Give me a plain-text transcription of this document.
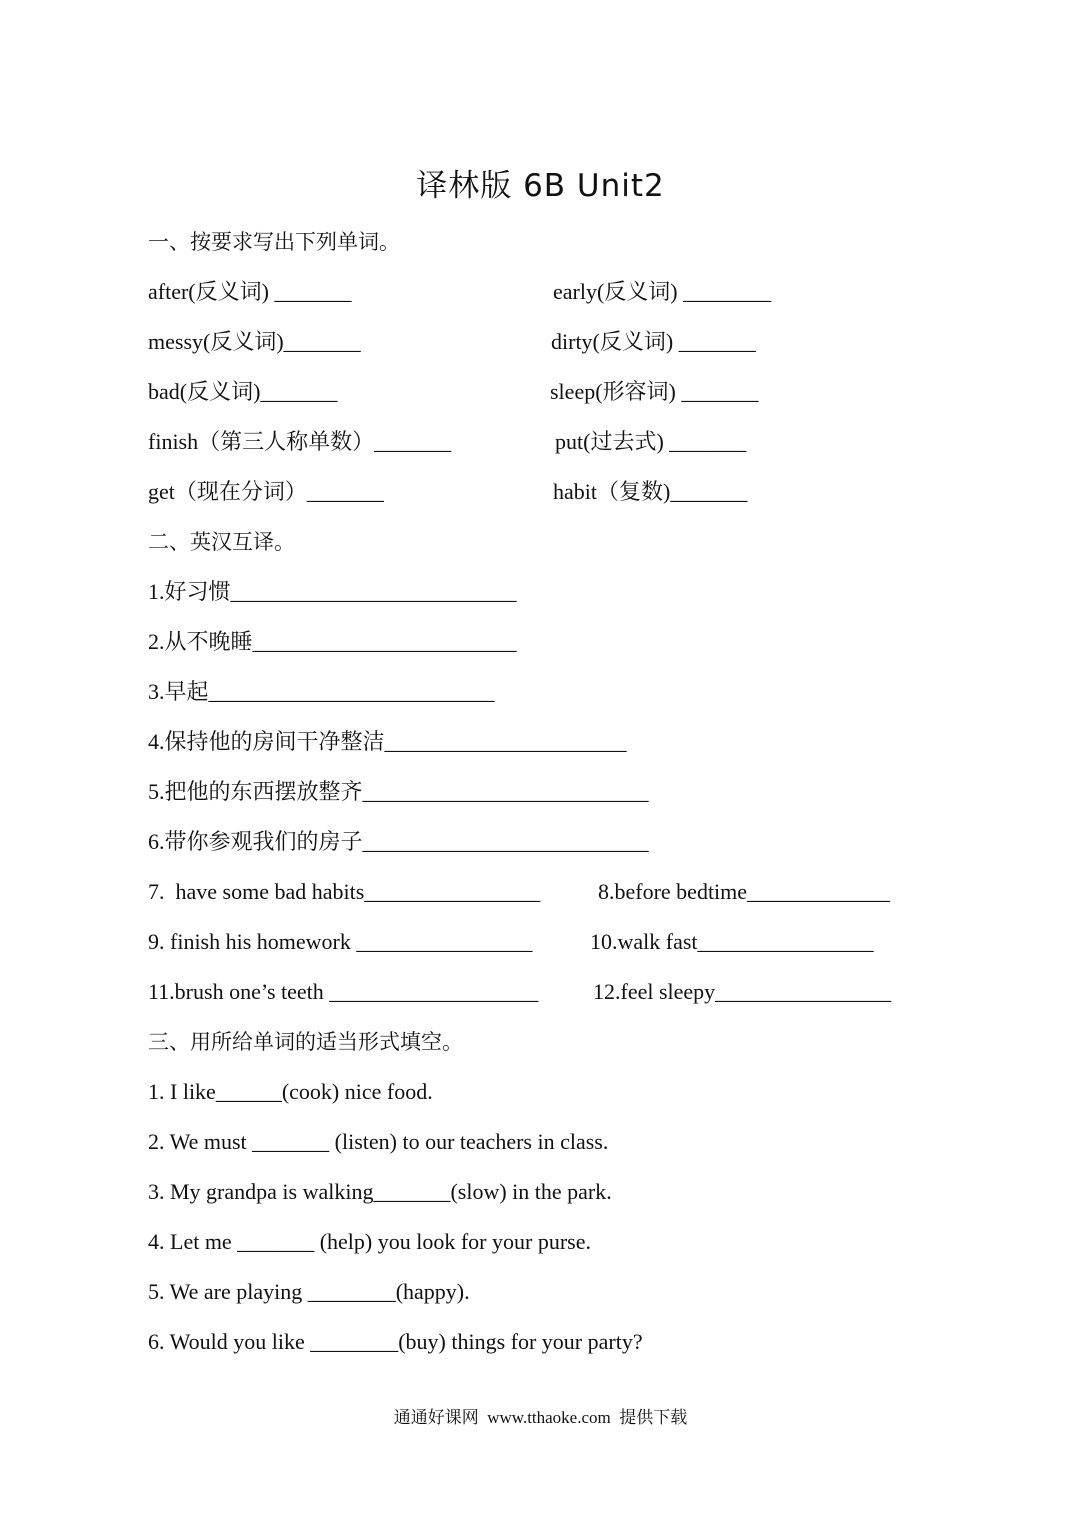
译林版 6B Unit2
一、按要求写出下列单词。
after(反义词) _______	early(反义词) ________
messy(反义词)_______	dirty(反义词) _______
bad(反义词)_______	sleep(形容词) _______
finish（第三人称单数）_______	put(过去式) _______
get（现在分词）_______	habit（复数)_______
二、英汉互译。
1.好习惯__________________________
2.从不晚睡________________________
3.早起__________________________
4.保持他的房间干净整洁______________________
5.把他的东西摆放整齐__________________________
6.带你参观我们的房子__________________________
7.  have some bad habits________________	8.before bedtime_____________
9. finish his homework ________________	10.walk fast________________
11.brush one’s teeth ___________________ 12.feel sleepy________________
三、用所给单词的适当形式填空。
1. I like______(cook) nice food.
2. We must _______ (listen) to our teachers in class.
3. My grandpa is walking_______(slow) in the park.
4. Let me _______ (help) you look for your purse.
5. We are playing ________(happy).
6. Would you like ________(buy) things for your party?
通通好课网  www.tthaoke.com  提供下载
